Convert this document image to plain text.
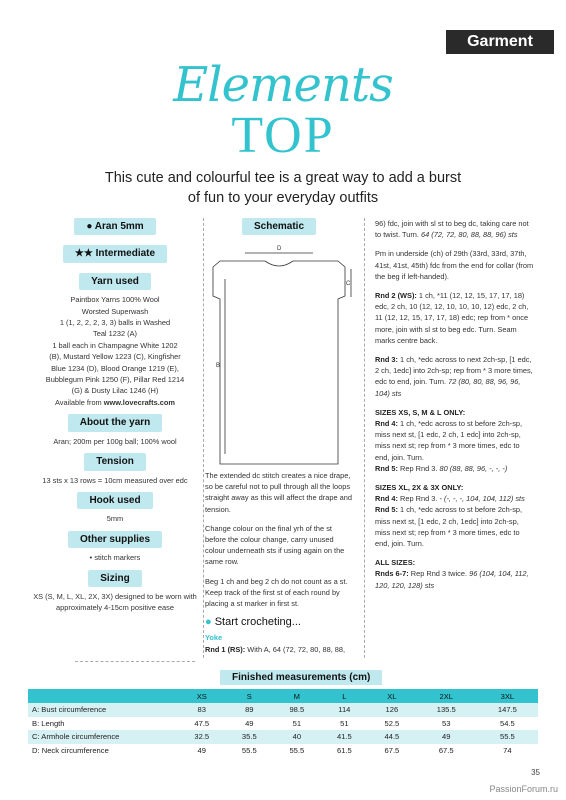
Garment
Elements
TOP
This cute and colourful tee is a great way to add a burst of fun to your everyday outfits
● Aran 5mm
★★ Intermediate
Yarn used

Paintbox Yarns 100% Wool

Worsted Superwash

1 (1, 2, 2, 2, 3, 3) balls in Washed

Teal 1232 (A)

1 ball each in Champagne White 1202

(B), Mustard Yellow 1223 (C), Kingfisher

Blue 1234 (D), Blood Orange 1219 (E),

Bubblegum Pink 1250 (F), Pillar Red 1214

(G) & Dusty Lilac 1246 (H)

Available from www.lovecrafts.com

About the yarn

Aran; 200m per 100g ball; 100% wool

Tension

13 sts x 13 rows = 10cm measured over edc

Hook used

5mm

Other supplies

• stitch markers

Sizing

XS (S, M, L, XL, 2X, 3X) designed to be worn with approximately 4-15cm positive ease

Schematic
D
B
C

The extended dc stitch creates a nice drape, so be careful not to pull through all the loops straight away as this will affect the drape and tension.

Change colour on the final yrh of the st before the colour change, carry unused colour underneath sts if using again on the same row.

Beg 1 ch and beg 2 ch do not count as a st. Keep track of the first st of each round by placing a st marker in first st.

● Start crocheting...

Yoke

Rnd 1 (RS): With A, 64 (72, 72, 80, 88, 88,

96) fdc, join with sl st to beg dc, taking care not to twist. Turn. 64 (72, 72, 80, 88, 88, 96) sts

Pm in underside (ch) of 29th (33rd, 33rd, 37th, 41st, 41st, 45th) fdc from the end for collar (from the beg if left-handed).

Rnd 2 (WS): 1 ch, *11 (12, 12, 15, 17, 17, 18) edc, 2 ch, 10 (12, 12, 10, 10, 10, 12) edc, 2 ch, 11 (12, 12, 15, 17, 17, 18) edc; rep from * once more, join with sl st to beg edc. Turn. Seam marks centre back.

Rnd 3: 1 ch, *edc across to next 2ch-sp, [1 edc, 2 ch, 1edc] into 2ch-sp; rep from * 3 more times, edc to end, join. Turn. 72 (80, 80, 88, 96, 96, 104) sts

SIZES XS, S, M & L ONLY:

Rnd 4: 1 ch, *edc across to st before 2ch-sp, miss next st, [1 edc, 2 ch, 1 edc] into 2ch-sp, miss next st; rep from * 3 more times, edc to end, join. Turn.

Rnd 5: Rep Rnd 3. 80 (88, 88, 96, -, -, -)

SIZES XL, 2X & 3X ONLY:

Rnd 4: Rep Rnd 3. - (-, -, -, 104, 104, 112) sts

Rnd 5: 1 ch, *edc across to st before 2ch-sp, miss next st, [1 edc, 2 ch, 1edc] into 2ch-sp, miss next st; rep from * 3 more times, edc to end, join. Turn.

ALL SIZES:

Rnds 6-7: Rep Rnd 3 twice. 96 (104, 104, 112, 120, 120, 128) sts

Finished measurements (cm)
	XS	S	M	L	XL	2XL	3XL
A: Bust circumference	83	89	98.5	114	126	135.5	147.5
B: Length	47.5	49	51	51	52.5	53	54.5
C: Armhole circumference	32.5	35.5	40	41.5	44.5	49	55.5
D: Neck circumference	49	55.5	55.5	61.5	67.5	67.5	74
35
PassionForum.ru
